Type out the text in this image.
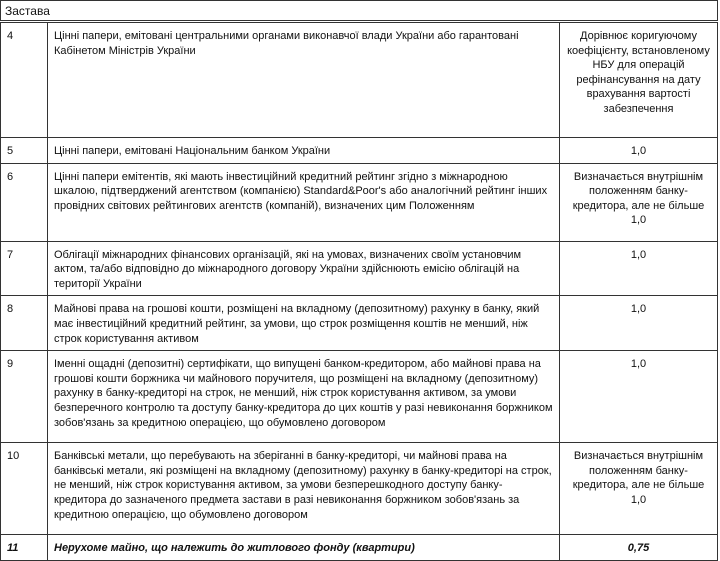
Застава
4	Цінні папери, емітовані центральними органами виконавчої влади України або гарантовані Кабінетом Міністрів України	Дорівнює коригуючому коефіцієнту, встановленому НБУ для операцій рефінансування на дату врахування вартості забезпечення
5	Цінні папери, емітовані Національним банком України	1,0
6	Цінні папери емітентів, які мають інвестиційний кредитний рейтинг згідно з міжнародною шкалою, підтверджений агентством (компанією) Standard&Poor's або аналогічний рейтинг інших провідних світових рейтингових агентств (компаній), визначених цим Положенням	Визначається внутрішнім положенням банку-кредитора, але не більше 1,0
7	Облігації міжнародних фінансових організацій, які на умовах, визначених своїм установчим актом, та/або відповідно до міжнародного договору України здійснюють емісію облігацій на території України	1,0
8	Майнові права на грошові кошти, розміщені на вкладному (депозитному) рахунку в банку, який має інвестиційний кредитний рейтинг, за умови, що строк розміщення коштів не менший, ніж строк користування активом	1,0
9	Іменні ощадні (депозитні) сертифікати, що випущені банком-кредитором, або майнові права на грошові кошти боржника чи майнового поручителя, що розміщені на вкладному (депозитному) рахунку в банку-кредиторі на строк, не менший, ніж строк користування активом, за умови безперечного контролю та доступу банку-кредитора до цих коштів у разі невиконання боржником зобов'язань за кредитною операцією, що обумовлено договором	1,0
10	Банківські метали, що перебувають на зберіганні в банку-кредиторі, чи майнові права на банківські метали, які розміщені на вкладному (депозитному) рахунку в банку-кредиторі на строк, не менший, ніж строк користування активом, за умови безперешкодного доступу банку-кредитора до зазначеного предмета застави в разі невиконання боржником зобов'язань за кредитною операцією, що обумовлено договором	Визначається внутрішнім положенням банку-кредитора, але не більше 1,0
11	Нерухоме майно, що належить до житлового фонду (квартири)	0,75
